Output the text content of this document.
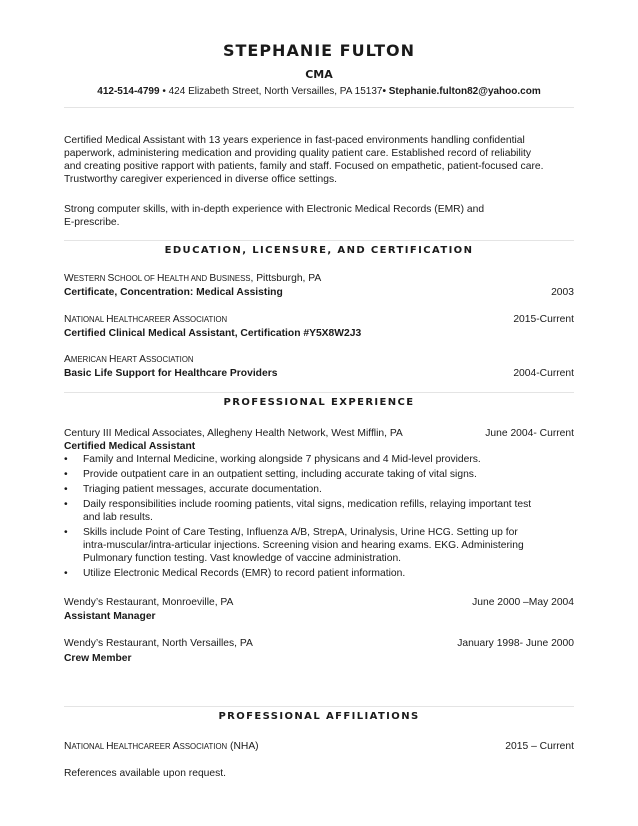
STEPHANIE FULTON
CMA
412-514-4799 • 424 Elizabeth Street, North Versailles, PA 15137• Stephanie.fulton82@yahoo.com

Certified Medical Assistant with 13 years experience in fast-paced environments handling confidential

paperwork, administering medication and providing quality patient care. Established record of reliability

and creating positive rapport with patients, family and staff. Focused on empathetic, patient-focused care.

Trustworthy caregiver experienced in diverse office settings.

Strong computer skills, with in-depth experience with Electronic Medical Records (EMR) and

E-prescribe.

EDUCATION, LICENSURE, AND CERTIFICATION
WESTERN SCHOOL OF HEALTH AND BUSINESS, Pittsburgh, PA
Certificate, Concentration: Medical Assisting	2003
NATIONAL HEALTHCAREER ASSOCIATION	2015-Current
Certified Clinical Medical Assistant, Certification #Y5X8W2J3
AMERICAN HEART ASSOCIATION
Basic Life Support for Healthcare Providers	2004-Current
PROFESSIONAL EXPERIENCE
Century III Medical Associates, Allegheny Health Network, West Mifflin, PA	June 2004- Current
Certified Medical Assistant
• Family and Internal Medicine, working alongside 7 physicans and 4 Mid-level providers.
• Provide outpatient care in an outpatient setting, including accurate taking of vital signs.
• Triaging patient messages, accurate documentation.
• Daily responsibilities include rooming patients, vital signs, medication refills, relaying important test
and lab results.
• Skills include Point of Care Testing, Influenza A/B, StrepA, Urinalysis, Urine HCG. Setting up for
intra-muscular/intra-articular injections. Screening vision and hearing exams. EKG. Administering
Pulmonary function testing. Vast knowledge of vaccine administration.
• Utilize Electronic Medical Records (EMR) to record patient information.
Wendy’s Restaurant, Monroeville, PA	June 2000 –May 2004
Assistant Manager
Wendy’s Restaurant, North Versailles, PA	January 1998- June 2000
Crew Member
PROFESSIONAL AFFILIATIONS
NATIONAL HEALTHCAREER ASSOCIATION (NHA)	2015 – Current
References available upon request.
